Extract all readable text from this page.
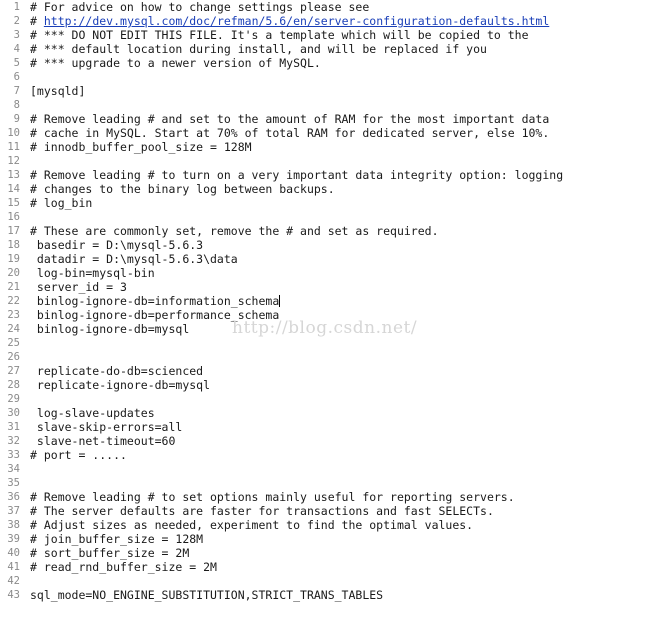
1 # For advice on how to change settings please see
2 # http://dev.mysql.com/doc/refman/5.6/en/server-configuration-defaults.html
3 # *** DO NOT EDIT THIS FILE. It's a template which will be copied to the
4 # *** default location during install, and will be replaced if you
5 # *** upgrade to a newer version of MySQL.
6
7 [mysqld]
8
9 # Remove leading # and set to the amount of RAM for the most important data
10 # cache in MySQL. Start at 70% of total RAM for dedicated server, else 10%.
11 # innodb_buffer_pool_size = 128M
12
13 # Remove leading # to turn on a very important data integrity option: logging
14 # changes to the binary log between backups.
15 # log_bin
16
17 # These are commonly set, remove the # and set as required.
18 basedir = D:\mysql-5.6.3
19 datadir = D:\mysql-5.6.3\data
20 log-bin=mysql-bin
21 server_id = 3
22 binlog-ignore-db=information_schema
23 binlog-ignore-db=performance_schema
24 binlog-ignore-db=mysql
25
26
27 replicate-do-db=scienced
28 replicate-ignore-db=mysql
29
30 log-slave-updates
31 slave-skip-errors=all
32 slave-net-timeout=60
33 # port = .....
34
35
36 # Remove leading # to set options mainly useful for reporting servers.
37 # The server defaults are faster for transactions and fast SELECTs.
38 # Adjust sizes as needed, experiment to find the optimal values.
39 # join_buffer_size = 128M
40 # sort_buffer_size = 2M
41 # read_rnd_buffer_size = 2M
42
43 sql_mode=NO_ENGINE_SUBSTITUTION,STRICT_TRANS_TABLES
http://blog.csdn.net/
